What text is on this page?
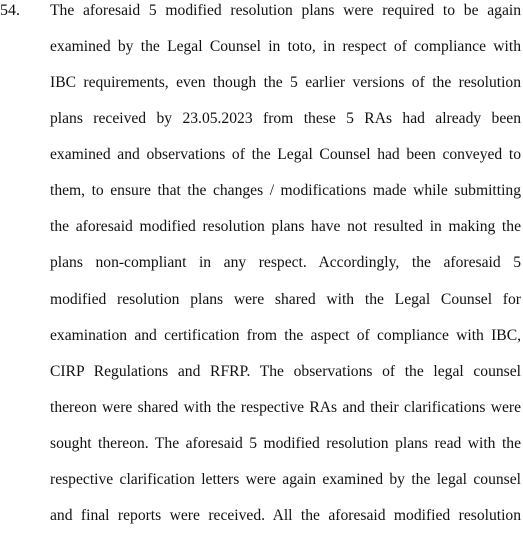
54. The aforesaid 5 modified resolution plans were required to be again
examined by the Legal Counsel in toto, in respect of compliance with
IBC requirements, even though the 5 earlier versions of the resolution
plans received by 23.05.2023 from these 5 RAs had already been
examined and observations of the Legal Counsel had been conveyed to
them, to ensure that the changes / modifications made while submitting
the aforesaid modified resolution plans have not resulted in making the
plans non-compliant in any respect. Accordingly, the aforesaid 5
modified resolution plans were shared with the Legal Counsel for
examination and certification from the aspect of compliance with IBC,
CIRP Regulations and RFRP. The observations of the legal counsel
thereon were shared with the respective RAs and their clarifications were
sought thereon. The aforesaid 5 modified resolution plans read with the
respective clarification letters were again examined by the legal counsel
and final reports were received. All the aforesaid modified resolution
